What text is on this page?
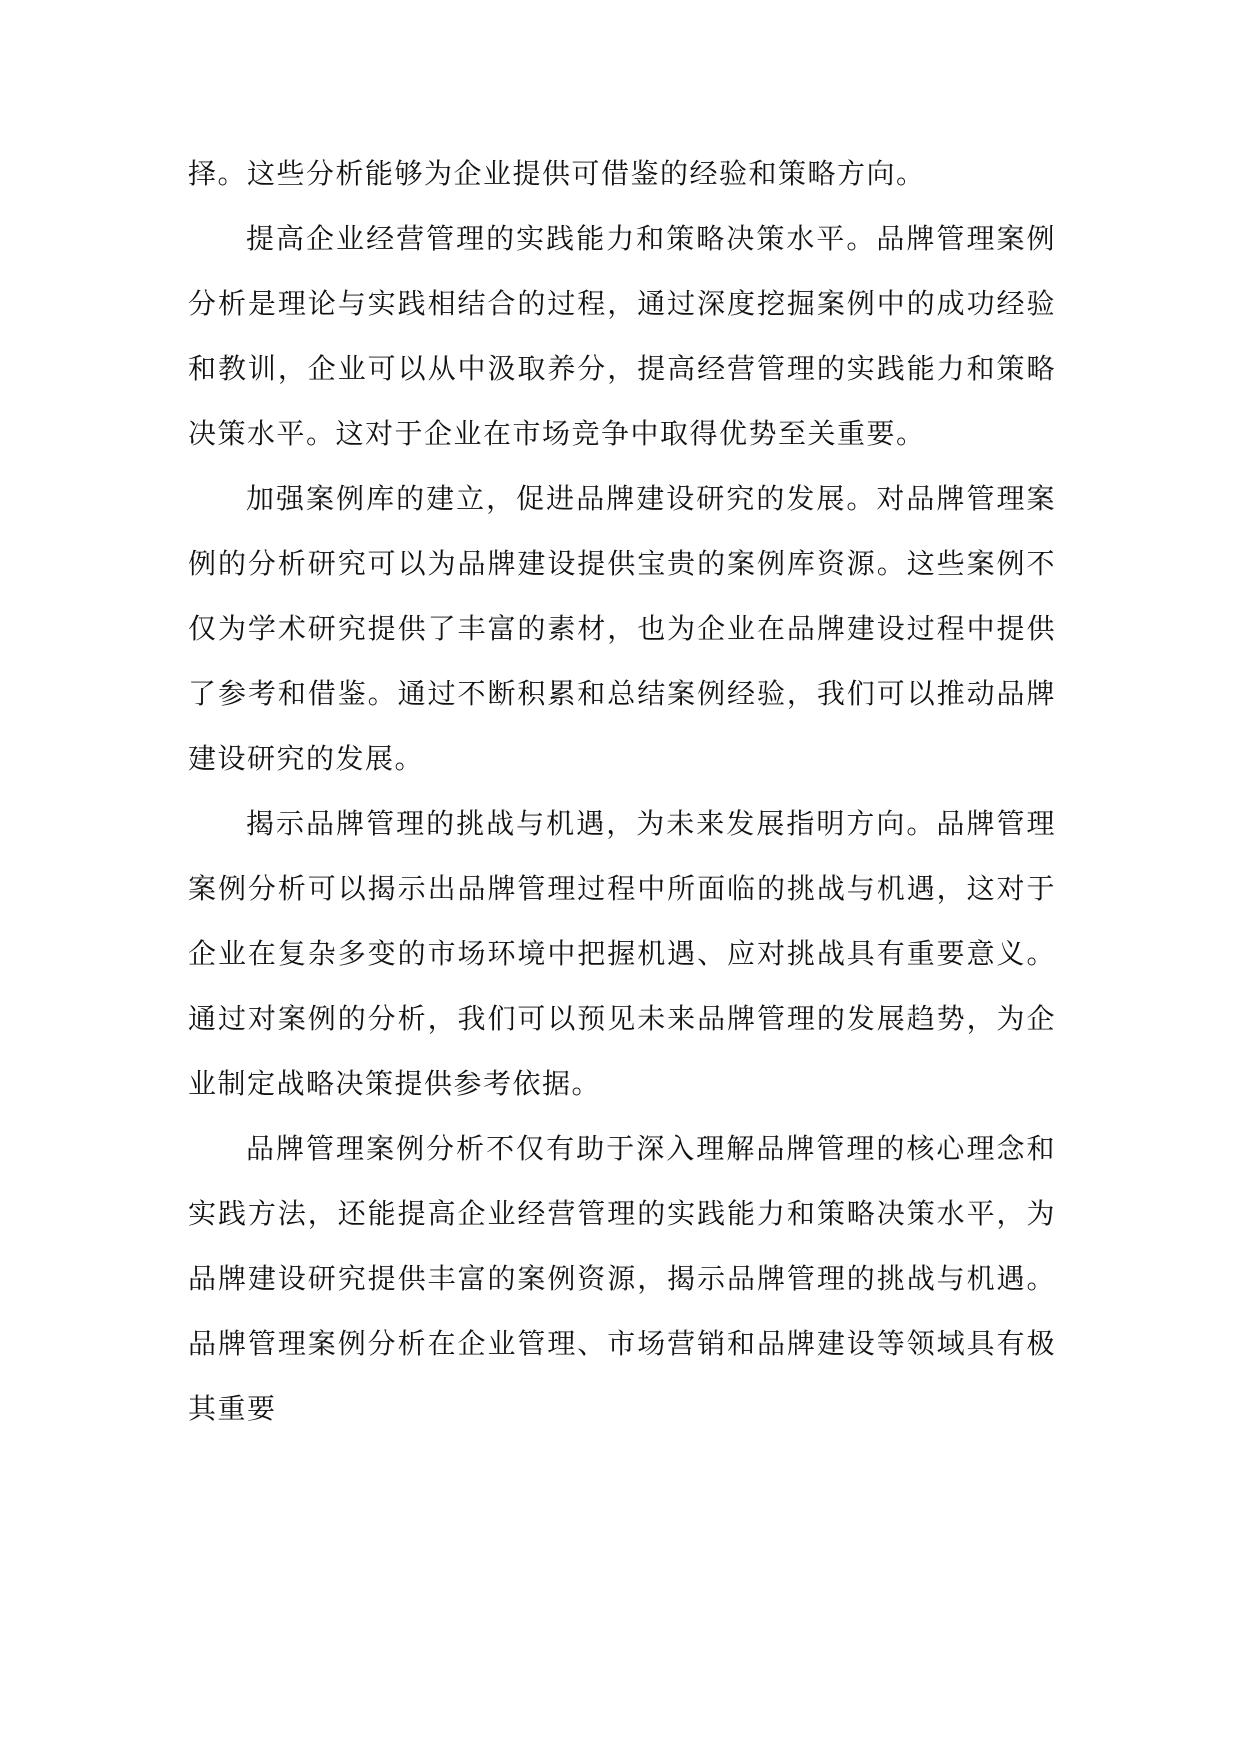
择。这些分析能够为企业提供可借鉴的经验和策略方向。

提高企业经营管理的实践能力和策略决策水平。品牌管理案例分析是理论与实践相结合的过程，通过深度挖掘案例中的成功经验和教训，企业可以从中汲取养分，提高经营管理的实践能力和策略决策水平。这对于企业在市场竞争中取得优势至关重要。

加强案例库的建立，促进品牌建设研究的发展。对品牌管理案例的分析研究可以为品牌建设提供宝贵的案例库资源。这些案例不仅为学术研究提供了丰富的素材，也为企业在品牌建设过程中提供了参考和借鉴。通过不断积累和总结案例经验，我们可以推动品牌建设研究的发展。

揭示品牌管理的挑战与机遇，为未来发展指明方向。品牌管理案例分析可以揭示出品牌管理过程中所面临的挑战与机遇，这对于企业在复杂多变的市场环境中把握机遇、应对挑战具有重要意义。通过对案例的分析，我们可以预见未来品牌管理的发展趋势，为企业制定战略决策提供参考依据。

品牌管理案例分析不仅有助于深入理解品牌管理的核心理念和实践方法，还能提高企业经营管理的实践能力和策略决策水平，为品牌建设研究提供丰富的案例资源，揭示品牌管理的挑战与机遇。品牌管理案例分析在企业管理、市场营销和品牌建设等领域具有极其重要
